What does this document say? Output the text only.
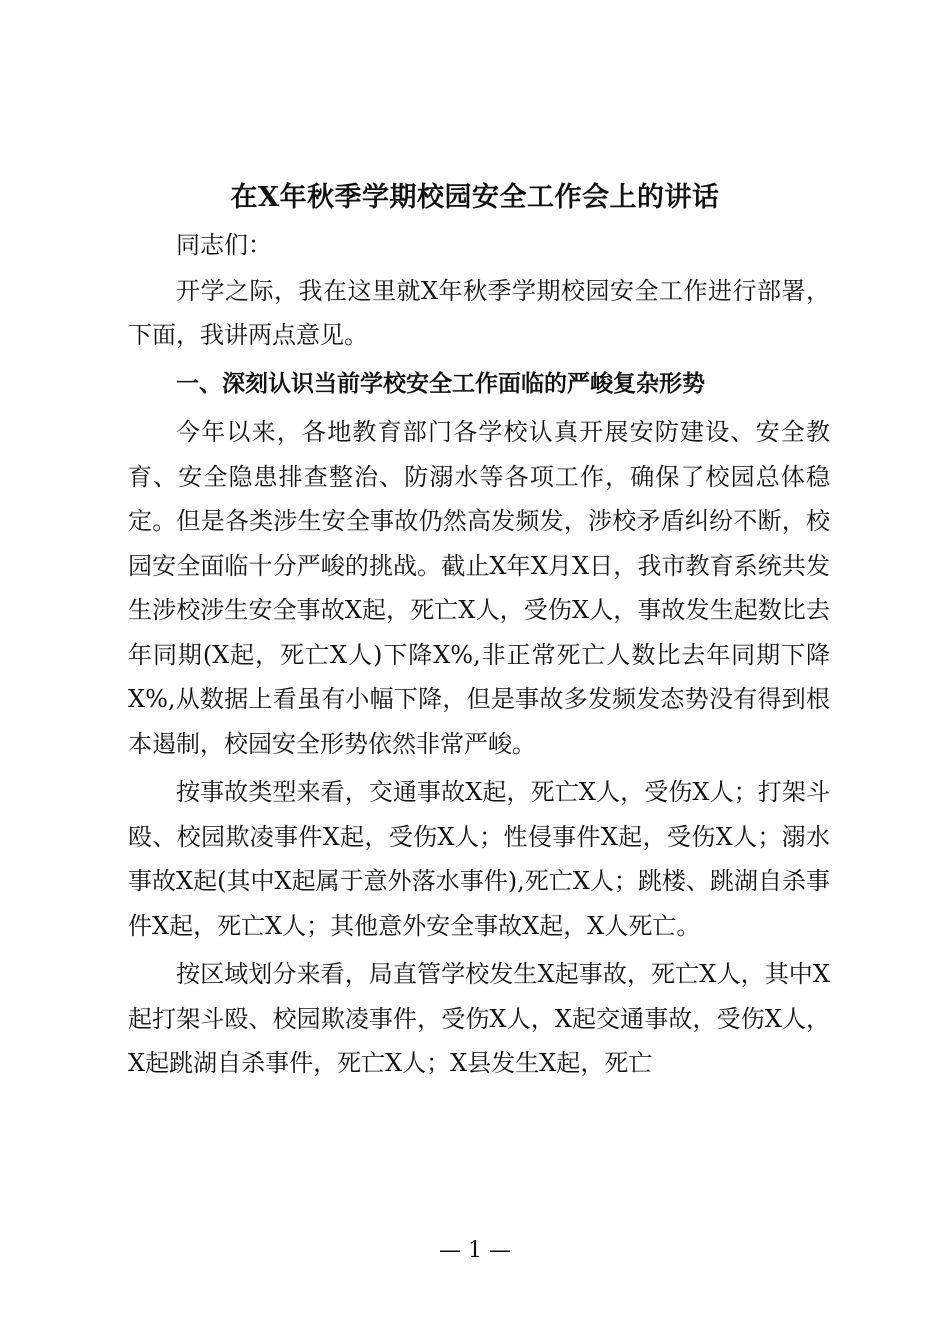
在X年秋季学期校园安全工作会上的讲话

同志们：

开学之际，我在这里就X年秋季学期校园安全工作进行部署，下面，我讲两点意见。

一、深刻认识当前学校安全工作面临的严峻复杂形势

今年以来，各地教育部门各学校认真开展安防建设、安全教育、安全隐患排查整治、防溺水等各项工作，确保了校园总体稳定。但是各类涉生安全事故仍然高发频发，涉校矛盾纠纷不断，校园安全面临十分严峻的挑战。截止X年X月X日，我市教育系统共发生涉校涉生安全事故X起，死亡X人，受伤X人，事故发生起数比去年同期(X起，死亡X人)下降X%,非正常死亡人数比去年同期下降X%,从数据上看虽有小幅下降，但是事故多发频发态势没有得到根本遏制，校园安全形势依然非常严峻。

按事故类型来看，交通事故X起，死亡X人，受伤X人；打架斗殴、校园欺凌事件X起，受伤X人；性侵事件X起，受伤X人；溺水事故X起(其中X起属于意外落水事件),死亡X人；跳楼、跳湖自杀事件X起，死亡X人；其他意外安全事故X起，X人死亡。

按区域划分来看，局直管学校发生X起事故，死亡X人，其中X起打架斗殴、校园欺凌事件，受伤X人，X起交通事故，受伤X人，X起跳湖自杀事件，死亡X人；X县发生X起，死亡

— 1 —
